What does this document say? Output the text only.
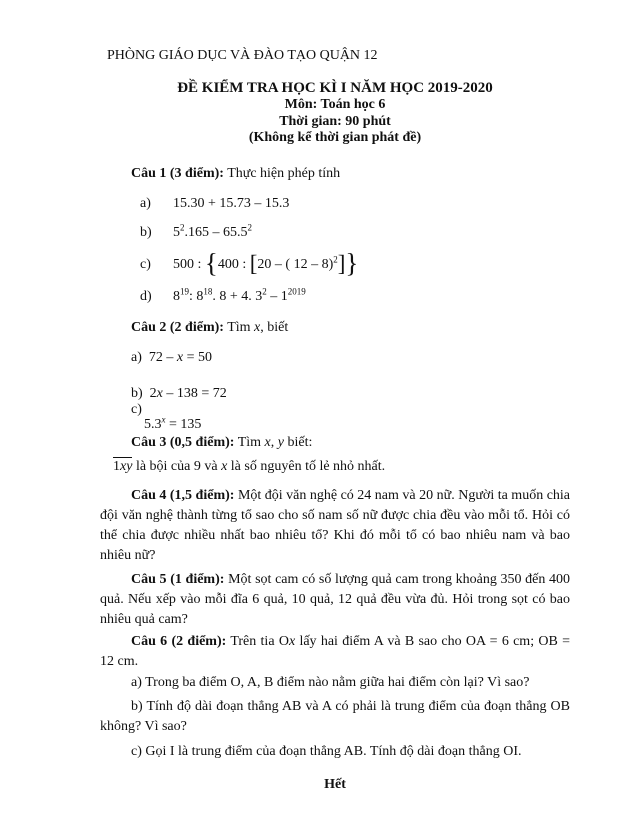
PHÒNG GIÁO DỤC VÀ ĐÀO TẠO QUẬN 12

ĐỀ KIỂM TRA HỌC KÌ I NĂM HỌC 2019-2020
Môn: Toán học 6
Thời gian: 90 phút
(Không kể thời gian phát đề)

Câu 1 (3 điểm): Thực hiện phép tính

a) 15.30 + 15.73 – 15.3

b) $5^2.165 - 65.5^2$

c) 500 : {400 : [20 – ( 12 – 8)$^2$]}

d) $8^{19}$: $8^{18}$. 8 + 4. $3^2 - 1^{2019}$

Câu 2 (2 điểm): Tìm x, biết

a) 72 – x = 50

b) 2x – 138 = 72

c)

$5.3^x = 135$

Câu 3 (0,5 điểm): Tìm x, y biết:

1xy là bội của 9 và x là số nguyên tố lẻ nhỏ nhất.

Câu 4 (1,5 điểm): Một đội văn nghệ có 24 nam và 20 nữ. Người ta muốn chia đội văn nghệ thành từng tổ sao cho số nam số nữ được chia đều vào mỗi tổ. Hỏi có thể chia được nhiều nhất bao nhiêu tổ? Khi đó mỗi tổ có bao nhiêu nam và bao nhiêu nữ?

Câu 5 (1 điểm): Một sọt cam có số lượng quả cam trong khoảng 350 đến 400 quả. Nếu xếp vào mỗi đĩa 6 quả, 10 quả, 12 quả đều vừa đủ. Hỏi trong sọt có bao nhiêu quả cam?

Câu 6 (2 điểm): Trên tia Ox lấy hai điểm A và B sao cho OA = 6 cm; OB = 12 cm.

a) Trong ba điểm O, A, B điểm nào nằm giữa hai điểm còn lại? Vì sao?

b) Tính độ dài đoạn thẳng AB và A có phải là trung điểm của đoạn thẳng OB không? Vì sao?

c) Gọi I là trung điểm của đoạn thẳng AB. Tính độ dài đoạn thẳng OI.

Hết
